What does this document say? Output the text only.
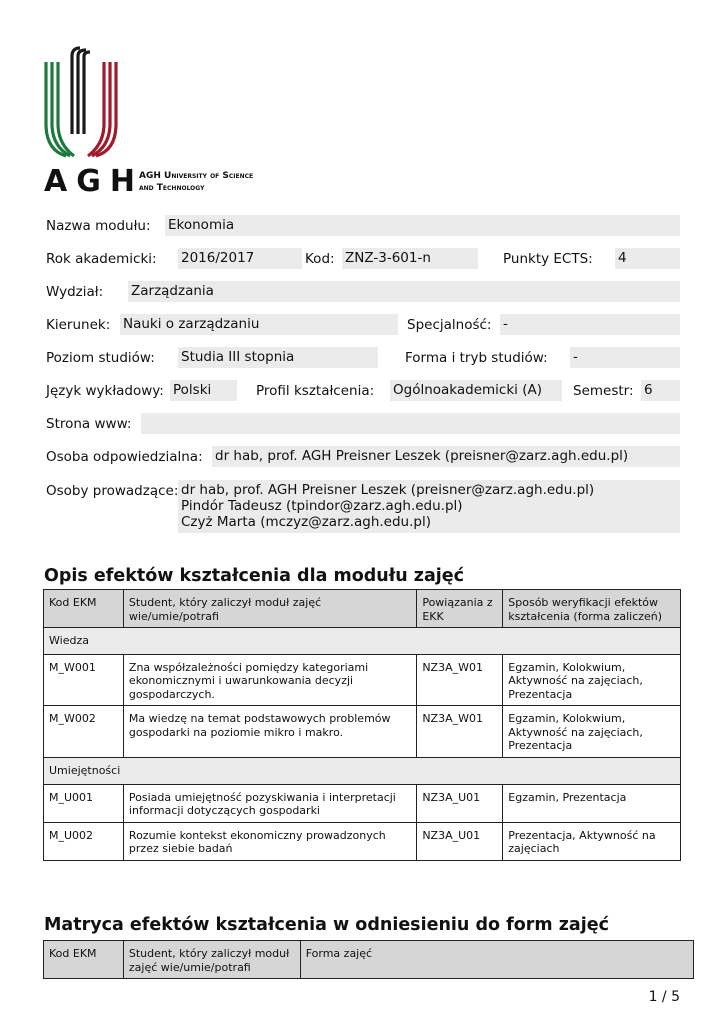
AGH
AGH University of Science
and Technology
Nazwa modułu: Ekonomia
Rok akademicki: 2016/2017	Kod: ZNZ-3-601-n	Punkty ECTS: 4
Wydział: Zarządzania
Kierunek: Nauki o zarządzaniu	Specjalność: -
Poziom studiów: Studia III stopnia	Forma i tryb studiów: -
Język wykładowy: Polski	Profil kształcenia: Ogólnoakademicki (A)	Semestr: 6
Strona www:
Osoba odpowiedzialna: dr hab, prof. AGH Preisner Leszek (preisner@zarz.agh.edu.pl)
Osoby prowadzące: dr hab, prof. AGH Preisner Leszek (preisner@zarz.agh.edu.pl)
Pindór Tadeusz (tpindor@zarz.agh.edu.pl)
Czyż Marta (mczyz@zarz.agh.edu.pl)
Opis efektów kształcenia dla modułu zajęć
Kod EKM	Student, który zaliczył moduł zajęć wie/umie/potrafi	Powiązania z EKK	Sposób weryfikacji efektów kształcenia (forma zaliczeń)
Wiedza			
M_W001	Zna współzależności pomiędzy kategoriami ekonomicznymi i uwarunkowania decyzji gospodarczych.	NZ3A_W01	Egzamin, Kolokwium, Aktywność na zajęciach, Prezentacja
M_W002	Ma wiedzę na temat podstawowych problemów gospodarki na poziomie mikro i makro.	NZ3A_W01	Egzamin, Kolokwium, Aktywność na zajęciach, Prezentacja
Umiejętności			
M_U001	Posiada umiejętność pozyskiwania i interpretacji informacji dotyczących gospodarki	NZ3A_U01	Egzamin, Prezentacja
M_U002	Rozumie kontekst ekonomiczny prowadzonych przez siebie badań	NZ3A_U01	Prezentacja, Aktywność na zajęciach
Matryca efektów kształcenia w odniesieniu do form zajęć
Kod EKM	Student, który zaliczył moduł zajęć wie/umie/potrafi	Forma zajęć
1 / 5
